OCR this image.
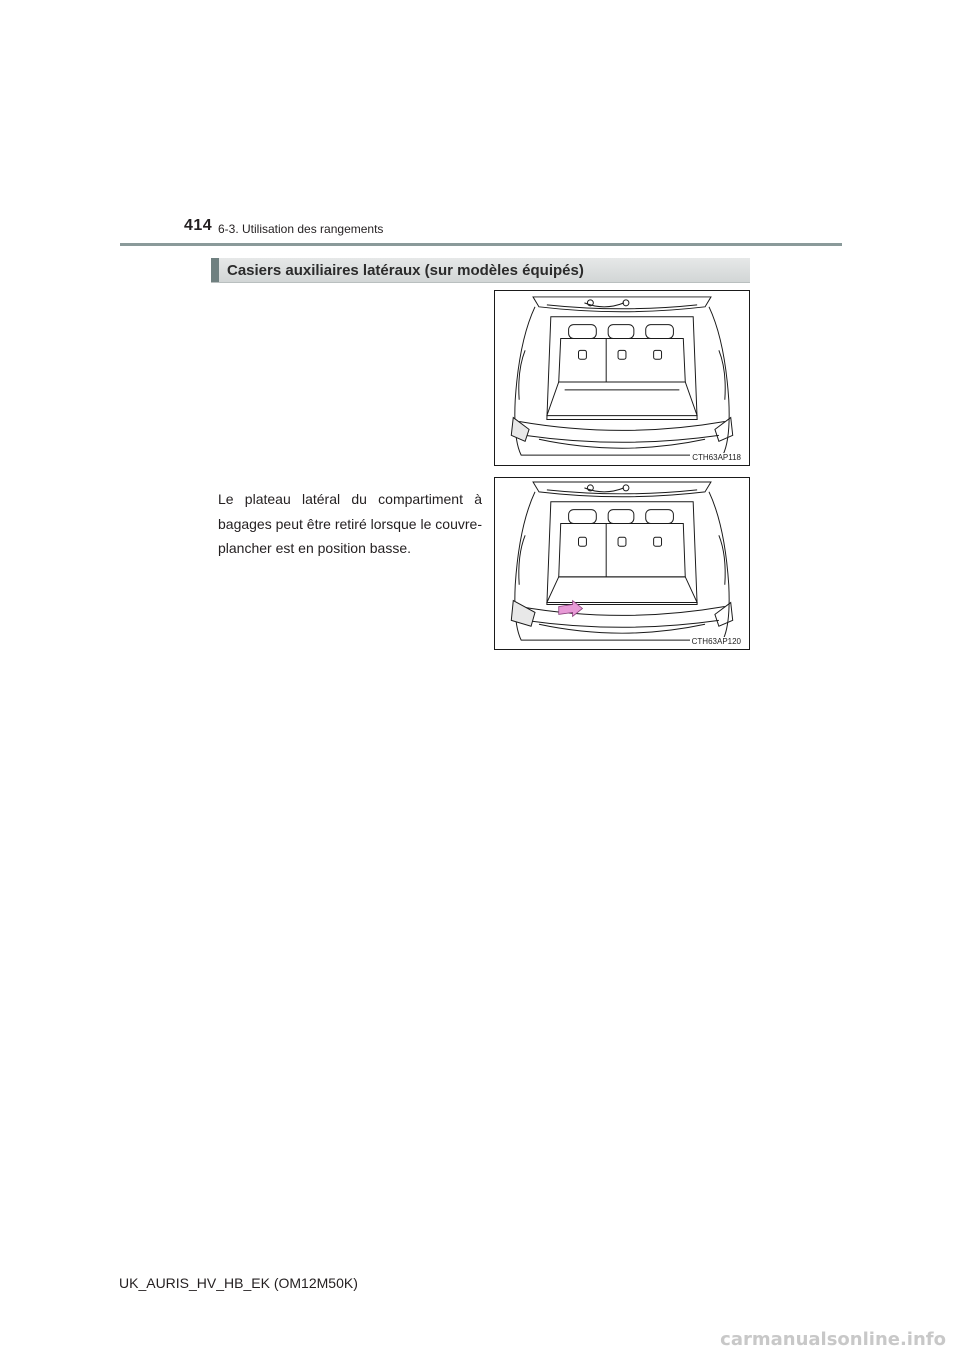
414 6-3. Utilisation des rangements
Casiers auxiliaires latéraux (sur modèles équipés)
CTH63AP118
Le plateau latéral du compartiment à bagages peut être retiré lorsque le couvre-plancher est en position basse.
CTH63AP120
UK_AURIS_HV_HB_EK (OM12M50K)
carmanualsonline.info
